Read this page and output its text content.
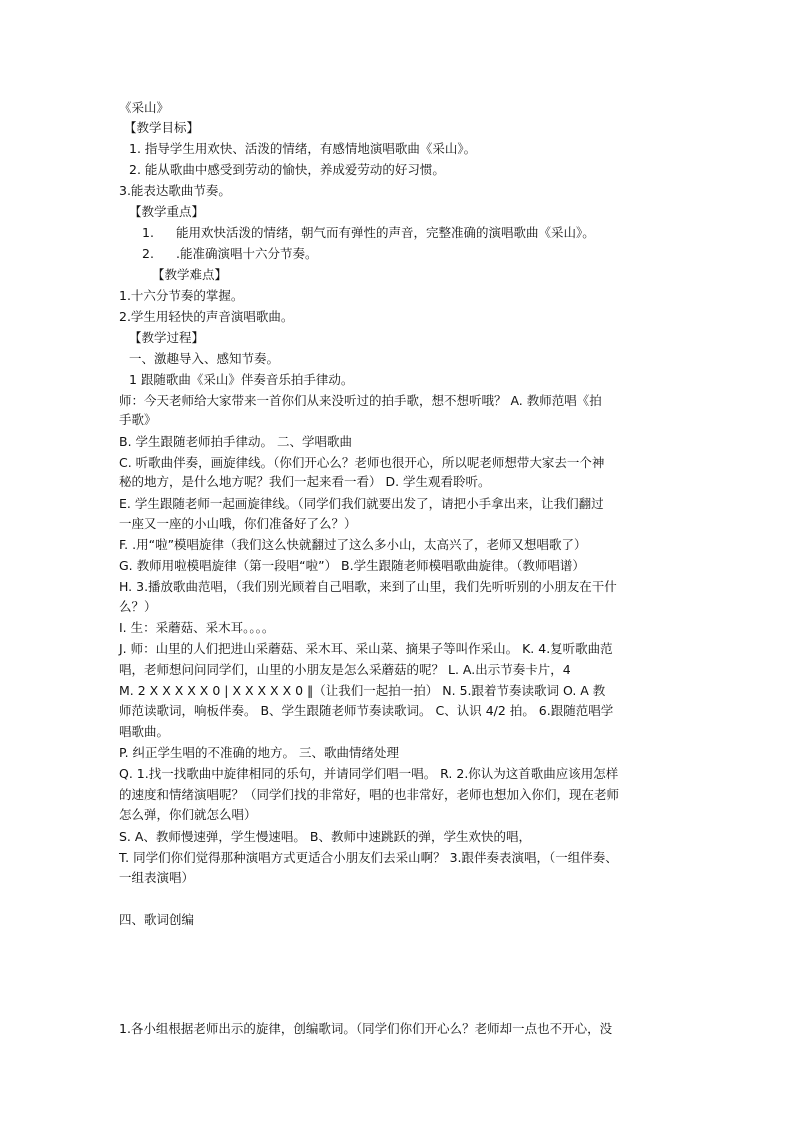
《采山》
【教学目标】
1. 指导学生用欢快、活泼的情绪，有感情地演唱歌曲《采山》。
2. 能从歌曲中感受到劳动的愉快，养成爱劳动的好习惯。
3.能表达歌曲节奏。
【教学重点】
1. 能用欢快活泼的情绪，朝气而有弹性的声音，完整准确的演唱歌曲《采山》。
2. .能准确演唱十六分节奏。
【教学难点】
1.十六分节奏的掌握。
2.学生用轻快的声音演唱歌曲。
【教学过程】
一、激趣导入、感知节奏。
1 跟随歌曲《采山》伴奏音乐拍手律动。
师：今天老师给大家带来一首你们从来没听过的拍手歌，想不想听哦？ A. 教师范唱《拍
手歌》
B. 学生跟随老师拍手律动。 二、学唱歌曲
C. 听歌曲伴奏，画旋律线。（你们开心么？老师也很开心，所以呢老师想带大家去一个神
秘的地方，是什么地方呢？我们一起来看一看） D. 学生观看聆听。
E. 学生跟随老师一起画旋律线。（同学们我们就要出发了，请把小手拿出来，让我们翻过
一座又一座的小山哦，你们准备好了么？）
F. .用“啦”模唱旋律（我们这么快就翻过了这么多小山，太高兴了，老师又想唱歌了）
G. 教师用啦模唱旋律（第一段唱“啦”） B.学生跟随老师模唱歌曲旋律。（教师唱谱）
H. 3.播放歌曲范唱，（我们别光顾着自己唱歌，来到了山里，我们先听听别的小朋友在干什
么？）
I. 生：采蘑菇、采木耳。。。。
J. 师：山里的人们把进山采蘑菇、采木耳、采山菜、摘果子等叫作采山。 K. 4.复听歌曲范
唱，老师想问问同学们，山里的小朋友是怎么采蘑菇的呢？ L. A.出示节奏卡片，4
M. 2 X X X X X 0 | X X X X X 0 ‖（让我们一起拍一拍） N. 5.跟着节奏读歌词 O. A 教
师范读歌词，响板伴奏。 B、学生跟随老师节奏读歌词。 C、认识 4/2 拍。 6.跟随范唱学
唱歌曲。
P. 纠正学生唱的不准确的地方。 三、歌曲情绪处理
Q. 1.找一找歌曲中旋律相同的乐句，并请同学们唱一唱。 R. 2.你认为这首歌曲应该用怎样
的速度和情绪演唱呢？（同学们找的非常好，唱的也非常好，老师也想加入你们，现在老师
怎么弹，你们就怎么唱）
S. A、教师慢速弹，学生慢速唱。 B、教师中速跳跃的弹，学生欢快的唱，
T. 同学们你们觉得那种演唱方式更适合小朋友们去采山啊？ 3.跟伴奏表演唱，（一组伴奏、
一组表演唱）
四、歌词创编
1.各小组根据老师出示的旋律，创编歌词。（同学们你们开心么？老师却一点也不开心，没
